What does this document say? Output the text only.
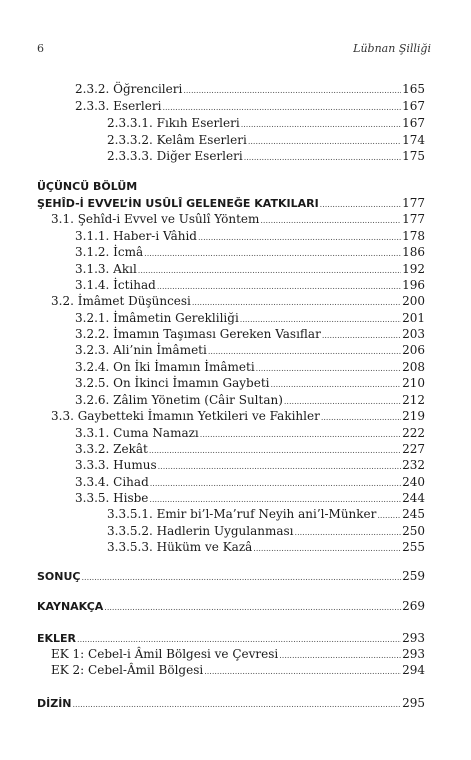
6	Lübnan Şilliği
2.3.2. Öğrencileri .....	165
2.3.3. Eserleri .....	167
2.3.3.1. Fıkıh Eserleri .....	167
2.3.3.2. Kelâm Eserleri .....	174
2.3.3.3. Diğer Eserleri .....	175
ÜÇÜNCÜ BÖLÜM
ŞEHÎD-İ EVVEL’İN USÛLÎ GELENEĞE KATKILARI .....	177
3.1. Şehîd-i Evvel ve Usûlî Yöntem .....	177
3.1.1. Haber-i Vâhid .....	178
3.1.2. İcmâ .....	186
3.1.3. Akıl .....	192
3.1.4. İctihad .....	196
3.2. İmâmet Düşüncesi .....	200
3.2.1. İmâmetin Gerekliliği .....	201
3.2.2. İmamın Taşıması Gereken Vasıflar .....	203
3.2.3. Ali’nin İmâmeti .....	206
3.2.4. On İki İmamın İmâmeti .....	208
3.2.5. On İkinci İmamın Gaybeti .....	210
3.2.6. Zâlim Yönetim (Câir Sultan) .....	212
3.3. Gaybetteki İmamın Yetkileri ve Fakihler .....	219
3.3.1. Cuma Namazı .....	222
3.3.2. Zekât .....	227
3.3.3. Humus .....	232
3.3.4. Cihad .....	240
3.3.5. Hisbe .....	244
3.3.5.1. Emir bi’l-Ma’ruf Neyih ani’l-Münker ..... 245
3.3.5.2. Hadlerin Uygulanması .....	250
3.3.5.3. Hüküm ve Kazâ .....	255
SONUÇ .....	259
KAYNAKÇA .....	269
EKLER .....	293
EK 1: Cebel-i Âmil Bölgesi ve Çevresi .....	293
EK 2: Cebel-Âmil Bölgesi .....	294
DİZİN .....	295
